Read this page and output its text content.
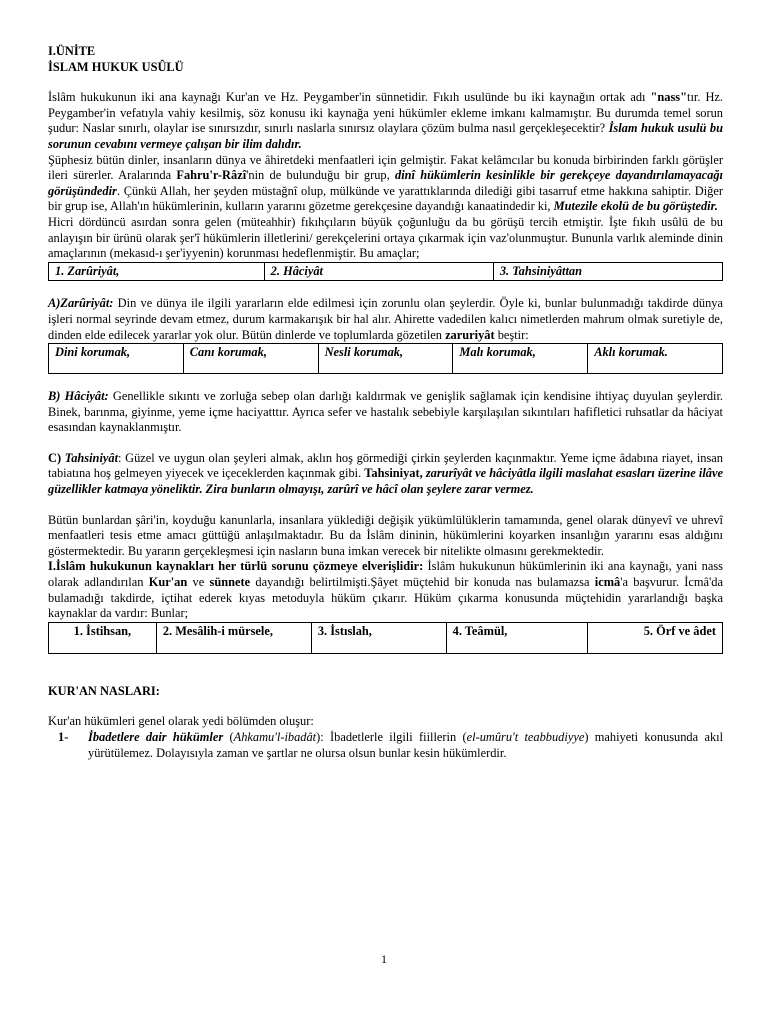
I.ÜNİTE
İSLAM HUKUK USÛLÜ

İslâm hukukunun iki ana kaynağı Kur'an ve Hz. Peygamber'in sünnetidir. Fıkıh usulünde bu iki kaynağın ortak adı "nass"tır. Hz. Peygamber'in vefatıyla vahiy kesilmiş, söz konusu iki kaynağa yeni hükümler ekleme imkanı kalmamıştır. Bu durumda temel sorun şudur: Naslar sınırlı, olaylar ise sınırsızdır, sınırlı naslarla sınırsız olaylara çözüm bulma nasıl gerçekleşecektir? İslam hukuk usulü bu sorunun cevabını vermeye çalışan bir ilim dalıdır.

Şüphesiz bütün dinler, insanların dünya ve âhiretdeki menfaatleri için gelmiştir. Fakat kelâmcılar bu konuda birbirinden farklı görüşler ileri sürerler. Aralarında Fahru'r-Râzî'nin de bulunduğu bir grup, dinî hükümlerin kesinlikle bir gerekçeye dayandırılamayacağı görüşündedir. Çünkü Allah, her şeyden müstağnî olup, mülkünde ve yarattıklarında dilediği gibi tasarruf etme hakkına sahiptir. Diğer bir grup ise, Allah'ın hükümlerinin, kulların yararını gözetme gerekçesine dayandığı kanaatindedir ki, Mutezile ekolü de bu görüştedir.

Hicri dördüncü asırdan sonra gelen (müteahhir) fıkıhçıların büyük çoğunluğu da bu görüşü tercih etmiştir. İşte fıkıh usûlü de bu anlayışın bir ürünü olarak şer'î hükümlerin illetlerini/ gerekçelerini ortaya çıkarmak için vaz'olunmuştur. Bununla varlık aleminde dinin amaçlarının (mekasıd-ı şer'iyyenin) korunması hedeflenmiştir. Bu amaçlar;

1. Zarûriyât,	2. Hâciyât	3. Tahsiniyâttan

A)Zarûriyât: Din ve dünya ile ilgili yararların elde edilmesi için zorunlu olan şeylerdir. Öyle ki, bunlar bulunmadığı takdirde dünya işleri normal seyrinde devam etmez, durum karmakarışık bir hal alır. Ahirette vadedilen kalıcı nimetlerden mahrum olmak suretiyle de, dinden elde edilecek yararlar yok olur. Bütün dinlerde ve toplumlarda gözetilen zaruriyât beştir:

Dini korumak,	Canı korumak,	Nesli korumak,	Malı korumak,	Aklı korumak.

B) Hâciyât: Genellikle sıkıntı ve zorluğa sebep olan darlığı kaldırmak ve genişlik sağlamak için kendisine ihtiyaç duyulan şeylerdir. Binek, barınma, giyinme, yeme içme haciyatttır. Ayrıca sefer ve hastalık sebebiyle karşılaşılan sıkıntıları hafifletici ruhsatlar da hâciyat esasından kaynaklanmıştır.

C) Tahsiniyât: Güzel ve uygun olan şeyleri almak, aklın hoş görmediği çirkin şeylerden kaçınmaktır. Yeme içme âdabına riayet, insan tabiatına hoş gelmeyen yiyecek ve içeceklerden kaçınmak gibi. Tahsiniyat, zarurîyât ve hâciyâtla ilgili maslahat esasları üzerine ilâve güzellikler katmaya yöneliktir. Zira bunların olmayışı, zarûrî ve hâcî olan şeylere zarar vermez.

Bütün bunlardan şâri'in, koyduğu kanunlarla, insanlara yüklediği değişik yükümlülüklerin tamamında, genel olarak dünyevî ve uhrevî menfaatleri tesis etme amacı güttüğü anlaşılmaktadır. Bu da İslâm dininin, hükümlerini koyarken insanlığın yararını esas aldığını göstermektedir. Bu yararın gerçekleşmesi için nasların buna imkan verecek bir nitelikte olmasını gerekmektedir.

I.İslâm hukukunun kaynakları her türlü sorunu çözmeye elverişlidir: İslâm hukukunun hükümlerinin iki ana kaynağı, yani nass olarak adlandırılan Kur'an ve sünnete dayandığı belirtilmişti.Şâyet müçtehid bir konuda nas bulamazsa icmâ'a başvurur. İcmâ'da bulamadığı takdirde, içtihat ederek kıyas metoduyla hüküm çıkarır. Hüküm çıkarma konusunda müçtehidin yararlandığı başka kaynaklar da vardır: Bunlar;

1. İstihsan,	2. Mesâlih-i mürsele,	3. İstıslah,	4. Teâmül,	5. Örf ve âdet
KUR'AN NASLARI:
Kur'an hükümleri genel olarak yedi bölümden oluşur:
1-	İbadetlere dair hükümler (Ahkamu'l-ibadât): İbadetlerle ilgili fiillerin (el-umûru't teabbudiyye) mahiyeti konusunda akıl yürütülemez. Dolayısıyla zaman ve şartlar ne olursa olsun bunlar kesin hükümlerdir.
1
